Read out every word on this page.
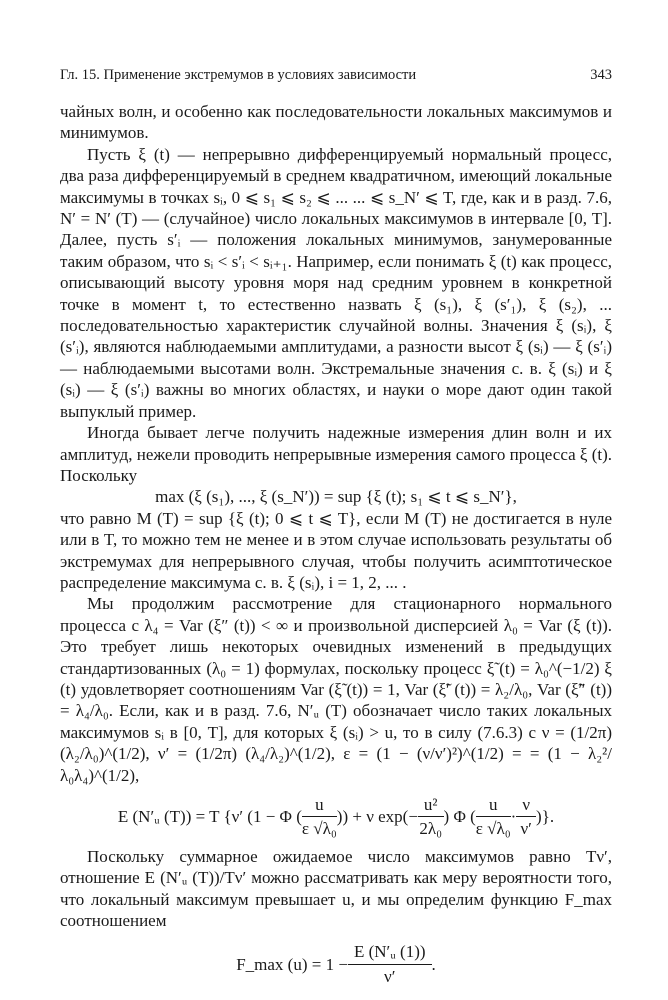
Гл. 15. Применение экстремумов в условиях зависимости	343

чайных волн, и особенно как последовательности локальных максимумов и минимумов.

Пусть ξ (t) — непрерывно дифференцируемый нормальный процесс, два раза дифференцируемый в среднем квадратичном, имеющий локальные максимумы в точках sᵢ, 0 ⩽ s₁ ⩽ s₂ ⩽ ... ... ⩽ s_N′ ⩽ T, где, как и в разд. 7.6, N′ = N′ (T) — (случайное) число локальных максимумов в интервале [0, T]. Далее, пусть s′ᵢ — положения локальных минимумов, занумерованные таким образом, что sᵢ < s′ᵢ < sᵢ₊₁. Например, если понимать ξ (t) как процесс, описывающий высоту уровня моря над средним уровнем в конкретной точке в момент t, то естественно назвать ξ (s₁), ξ (s′₁), ξ (s₂), ... последовательностью характеристик случайной волны. Значения ξ (sᵢ), ξ (s′ᵢ), являются наблюдаемыми амплитудами, а разности высот ξ (sᵢ) — ξ (s′ᵢ) — наблюдаемыми высотами волн. Экстремальные значения с. в. ξ (sᵢ) и ξ (sᵢ) — ξ (s′ᵢ) важны во многих областях, и науки о море дают один такой выпуклый пример.

Иногда бывает легче получить надежные измерения длин волн и их амплитуд, нежели проводить непрерывные измерения самого процесса ξ (t). Поскольку

max (ξ (s₁), ..., ξ (s_N′)) = sup {ξ (t); s₁ ⩽ t ⩽ s_N′},

что равно M (T) = sup {ξ (t); 0 ⩽ t ⩽ T}, если M (T) не достигается в нуле или в T, то можно тем не менее и в этом случае использовать результаты об экстремумах для непрерывного случая, чтобы получить асимптотическое распределение максимума с. в. ξ (sᵢ), i = 1, 2, ... .

Мы продолжим рассмотрение для стационарного нормального процесса с λ₄ = Var (ξ″ (t)) < ∞ и произвольной дисперсией λ₀ = Var (ξ (t)). Это требует лишь некоторых очевидных изменений в предыдущих стандартизованных (λ₀ = 1) формулах, поскольку процесс ξ̃ (t) = λ₀^(−1/2) ξ (t) удовлетворяет соотношениям Var (ξ̃ (t)) = 1, Var (ξ̃′ (t)) = λ₂/λ₀, Var (ξ̃″ (t)) = λ₄/λ₀. Если, как и в разд. 7.6, N′ᵤ (T) обозначает число таких локальных максимумов sᵢ в [0, T], для которых ξ (sᵢ) > u, то в силу (7.6.3) с ν = (1/2π) (λ₂/λ₀)^(1/2), ν′ = (1/2π) (λ₄/λ₂)^(1/2), ε = (1 − (ν/ν′)²)^(1/2) = = (1 − λ₂²/λ₀λ₄)^(1/2),

E (N′ᵤ (T)) = T {ν′ (1 − Φ ( $\frac{u}{\text{ε √λ₀}}$ )) + ν $\exp(- \frac{\text{u²}}{\text{2λ₀}}$ ) Φ ( $\frac{u}{\text{ε √λ₀}} \cdot \frac{\nu}{\nu'}$ )}.

Поскольку суммарное ожидаемое число максимумов равно Tν′, отношение E (N′ᵤ (T))/Tν′ можно рассматривать как меру вероятности того, что локальный максимум превышает u, и мы определим функцию F_max соотношением

F_max $(u) = 1 - \frac{\text{E (N′ᵤ (1))}}{\nu'}$ .
